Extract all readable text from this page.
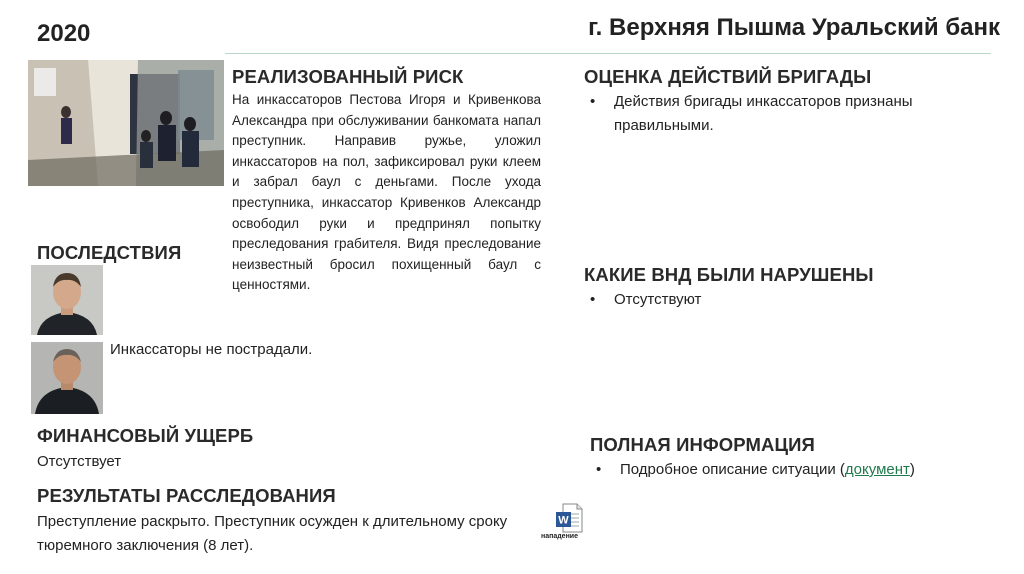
2020	г. Верхняя Пышма Уральский банк
РЕАЛИЗОВАННЫЙ РИСК
На инкассаторов Пестова Игоря и Кривенкова Александра при обслуживании банкомата напал преступник. Направив ружье, уложил инкассаторов на пол, зафиксировал руки клеем и забрал баул с деньгами. После ухода преступника, инкассатор Кривенков Александр освободил руки и предпринял попытку преследования грабителя. Видя преследование неизвестный бросил похищенный баул с ценностями.
ПОСЛЕДСТВИЯ
Инкассаторы не пострадали.
ФИНАНСОВЫЙ УЩЕРБ
Отсутствует
РЕЗУЛЬТАТЫ РАССЛЕДОВАНИЯ
Преступление раскрыто. Преступник осужден к длительному сроку тюремного заключения (8 лет).
W
нападение
ОЦЕНКА ДЕЙСТВИЙ БРИГАДЫ
• Действия бригады инкассаторов признаны правильными.
КАКИЕ ВНД БЫЛИ НАРУШЕНЫ
• Отсутствуют
ПОЛНАЯ ИНФОРМАЦИЯ
• Подробное описание ситуации (документ)
